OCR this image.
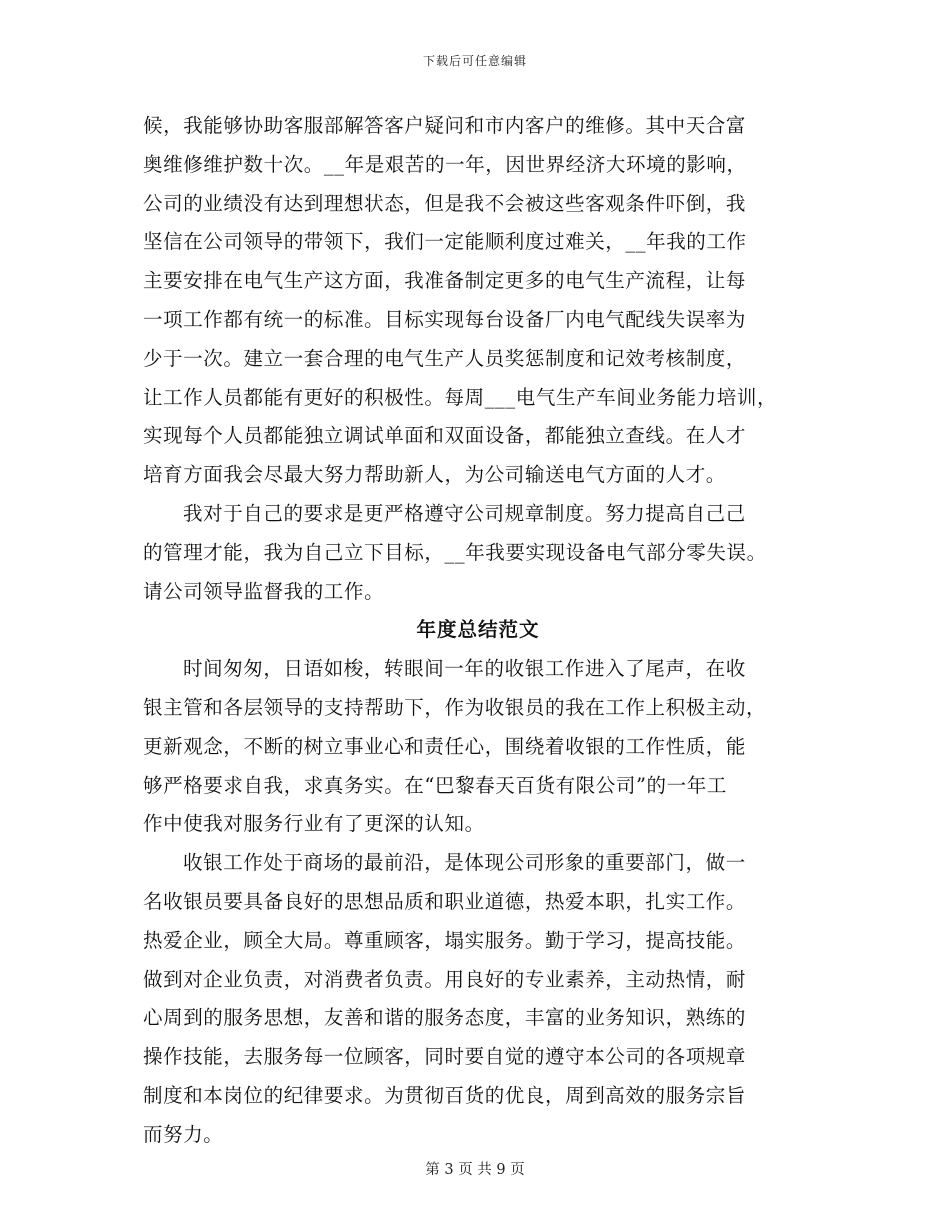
下载后可任意编辑
候，我能够协助客服部解答客户疑问和市内客户的维修。其中天合富
奥维修维护数十次。__年是艰苦的一年，因世界经济大环境的影响，
公司的业绩没有达到理想状态，但是我不会被这些客观条件吓倒，我
坚信在公司领导的带领下，我们一定能顺利度过难关，__年我的工作
主要安排在电气生产这方面，我准备制定更多的电气生产流程，让每
一项工作都有统一的标准。目标实现每台设备厂内电气配线失误率为
少于一次。建立一套合理的电气生产人员奖惩制度和记效考核制度，
让工作人员都能有更好的积极性。每周___电气生产车间业务能力培训，
实现每个人员都能独立调试单面和双面设备，都能独立查线。在人才
培育方面我会尽最大努力帮助新人，为公司输送电气方面的人才。
我对于自己的要求是更严格遵守公司规章制度。努力提高自己己
的管理才能，我为自己立下目标，__年我要实现设备电气部分零失误。
请公司领导监督我的工作。
年度总结范文
时间匆匆，日语如梭，转眼间一年的收银工作进入了尾声，在收
银主管和各层领导的支持帮助下，作为收银员的我在工作上积极主动，
更新观念，不断的树立事业心和责任心，围绕着收银的工作性质，能
够严格要求自我，求真务实。在“巴黎春天百货有限公司”的一年工
作中使我对服务行业有了更深的认知。
收银工作处于商场的最前沿，是体现公司形象的重要部门，做一
名收银员要具备良好的思想品质和职业道德，热爱本职，扎实工作。
热爱企业，顾全大局。尊重顾客，塌实服务。勤于学习，提高技能。
做到对企业负责，对消费者负责。用良好的专业素养，主动热情，耐
心周到的服务思想，友善和谐的服务态度，丰富的业务知识，熟练的
操作技能，去服务每一位顾客，同时要自觉的遵守本公司的各项规章
制度和本岗位的纪律要求。为贯彻百货的优良，周到高效的服务宗旨
而努力。
第 3 页 共 9 页
